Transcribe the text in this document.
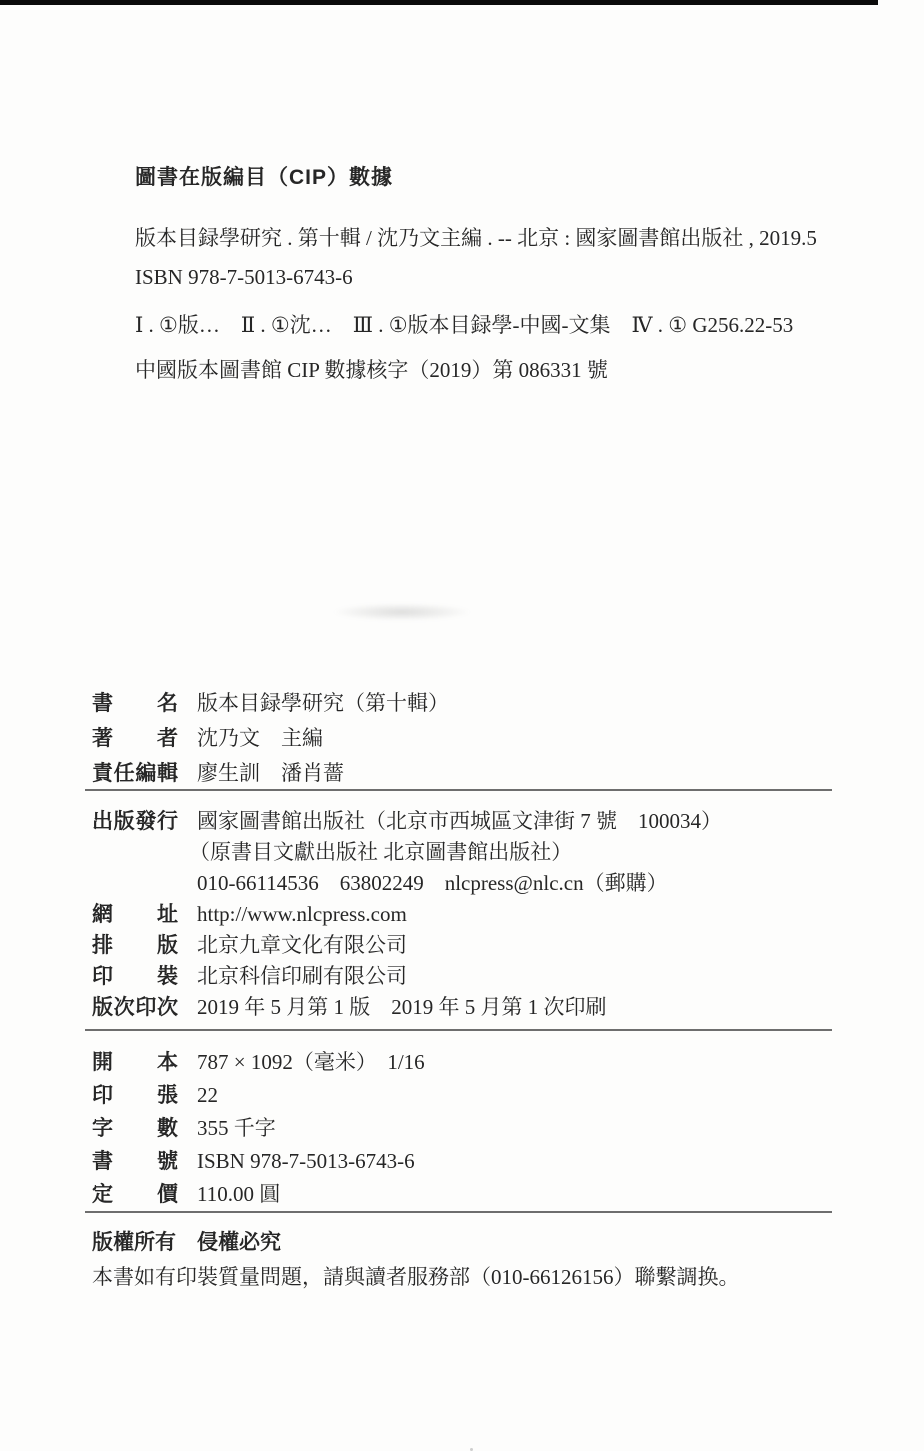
圖書在版編目（CIP）數據

版本目録學研究 . 第十輯 / 沈乃文主編 . -- 北京 : 國家圖書館出版社 , 2019.5

ISBN 978-7-5013-6743-6

Ⅰ . ①版…　Ⅱ . ①沈…　Ⅲ . ①版本目録學-中國-文集　Ⅳ . ① G256.22-53

中國版本圖書館 CIP 數據核字（2019）第 086331 號

書名 版本目録學研究（第十輯）
著者 沈乃文　主編
責任編輯 廖生訓　潘肖薔
出版發行 國家圖書館出版社（北京市西城區文津街 7 號　100034）
（原書目文獻出版社 北京圖書館出版社）
010-66114536　63802249　nlcpress@nlc.cn（郵購）
網址 http://www.nlcpress.com
排版 北京九章文化有限公司
印裝 北京科信印刷有限公司
版次印次 2019 年 5 月第 1 版　2019 年 5 月第 1 次印刷
開本 787 × 1092（毫米）　1/16
印張 22
字數 355 千字
書號 ISBN 978-7-5013-6743-6
定價 110.00 圓

版權所有　侵權必究

本書如有印裝質量問題，請與讀者服務部（010-66126156）聯繫調换。
